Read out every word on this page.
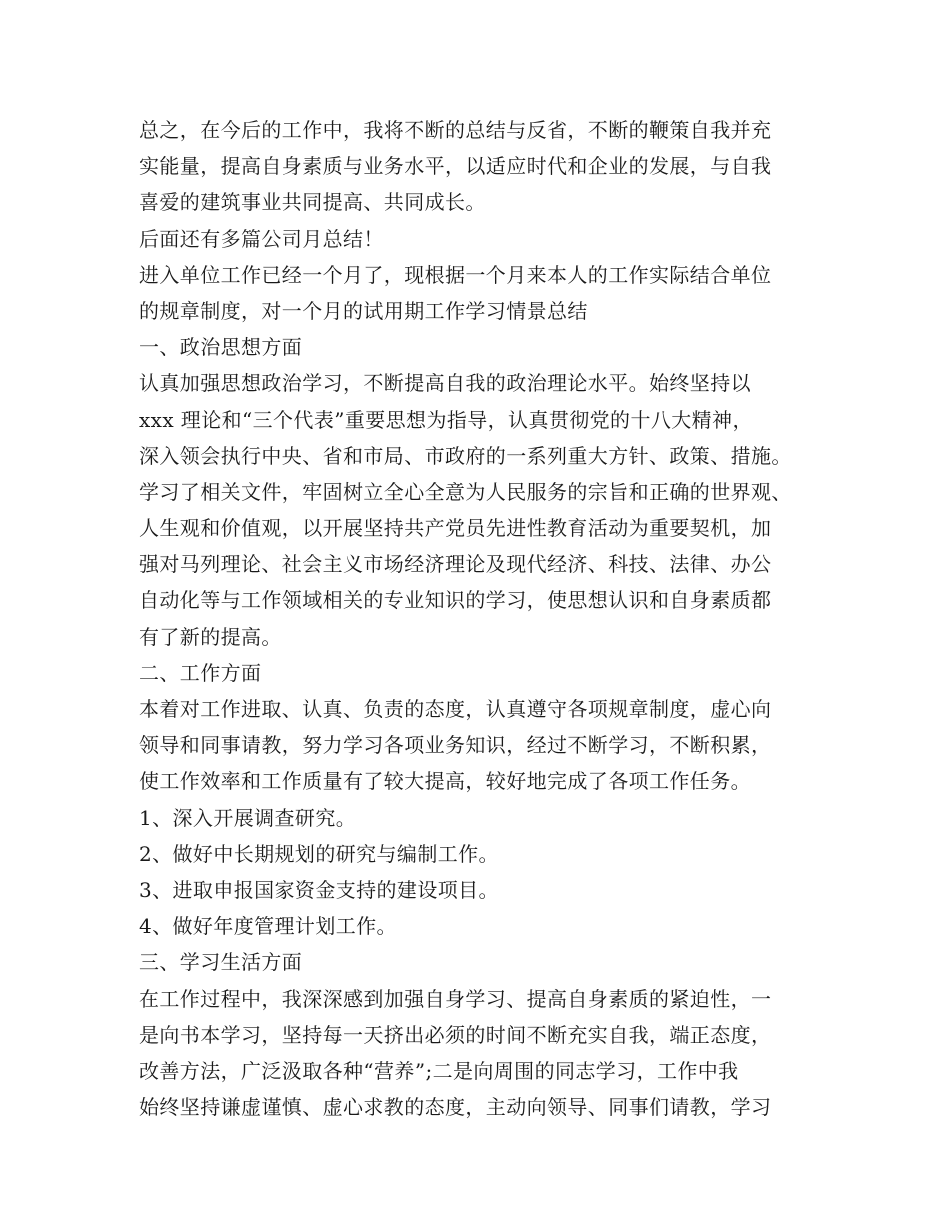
总之，在今后的工作中，我将不断的总结与反省，不断的鞭策自我并充
实能量，提高自身素质与业务水平，以适应时代和企业的发展，与自我
喜爱的建筑事业共同提高、共同成长。
后面还有多篇公司月总结！
进入单位工作已经一个月了，现根据一个月来本人的工作实际结合单位
的规章制度，对一个月的试用期工作学习情景总结
一、政治思想方面
认真加强思想政治学习，不断提高自我的政治理论水平。始终坚持以
xxx 理论和“三个代表”重要思想为指导，认真贯彻党的十八大精神，
深入领会执行中央、省和市局、市政府的一系列重大方针、政策、措施。
学习了相关文件，牢固树立全心全意为人民服务的宗旨和正确的世界观、
人生观和价值观，以开展坚持共产党员先进性教育活动为重要契机，加
强对马列理论、社会主义市场经济理论及现代经济、科技、法律、办公
自动化等与工作领域相关的专业知识的学习，使思想认识和自身素质都
有了新的提高。
二、工作方面
本着对工作进取、认真、负责的态度，认真遵守各项规章制度，虚心向
领导和同事请教，努力学习各项业务知识，经过不断学习，不断积累，
使工作效率和工作质量有了较大提高，较好地完成了各项工作任务。
1、深入开展调查研究。
2、做好中长期规划的研究与编制工作。
3、进取申报国家资金支持的建设项目。
4、做好年度管理计划工作。
三、学习生活方面
在工作过程中，我深深感到加强自身学习、提高自身素质的紧迫性，一
是向书本学习，坚持每一天挤出必须的时间不断充实自我，端正态度，
改善方法，广泛汲取各种“营养”;二是向周围的同志学习，工作中我
始终坚持谦虚谨慎、虚心求教的态度，主动向领导、同事们请教，学习
